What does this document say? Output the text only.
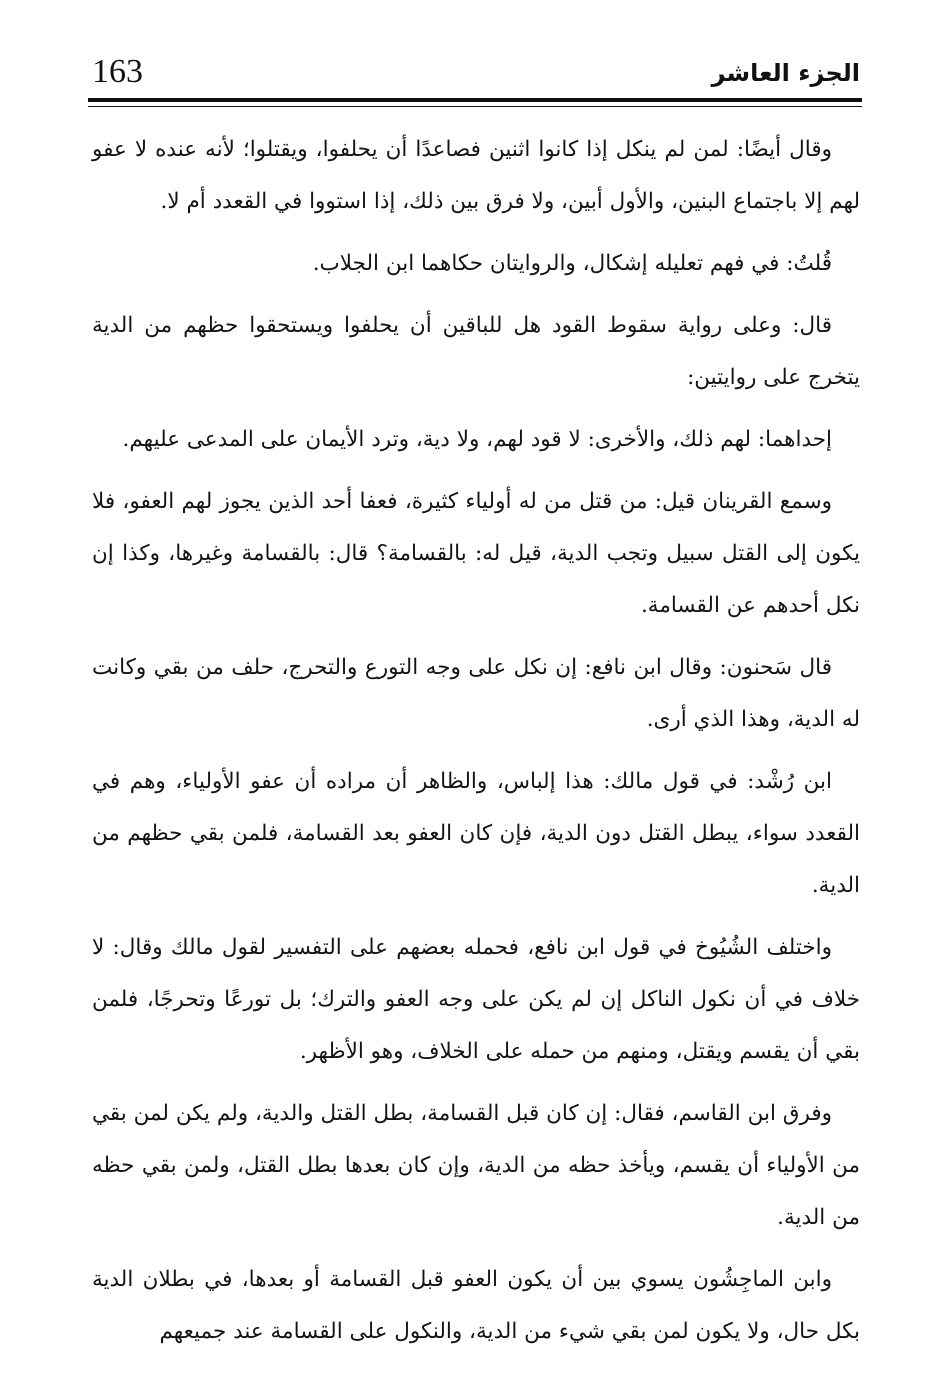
163	الجزء العاشر

وقال أيضًا: لمن لم ينكل إذا كانوا اثنين فصاعدًا أن يحلفوا، ويقتلوا؛ لأنه عنده لا عفو لهم إلا باجتماع البنين، والأول أبين، ولا فرق بين ذلك، إذا استووا في القعدد أم لا.

قُلتُ: في فهم تعليله إشكال، والروايتان حكاهما ابن الجلاب.

قال: وعلى رواية سقوط القود هل للباقين أن يحلفوا ويستحقوا حظهم من الدية يتخرج على روايتين:

إحداهما: لهم ذلك، والأخرى: لا قود لهم، ولا دية، وترد الأيمان على المدعى عليهم.

وسمع القرينان قيل: من قتل من له أولياء كثيرة، فعفا أحد الذين يجوز لهم العفو، فلا يكون إلى القتل سبيل وتجب الدية، قيل له: بالقسامة؟ قال: بالقسامة وغيرها، وكذا إن نكل أحدهم عن القسامة.

قال سَحنون: وقال ابن نافع: إن نكل على وجه التورع والتحرج، حلف من بقي وكانت له الدية، وهذا الذي أرى.

ابن رُشْد: في قول مالك: هذا إلباس، والظاهر أن مراده أن عفو الأولياء، وهم في القعدد سواء، يبطل القتل دون الدية، فإن كان العفو بعد القسامة، فلمن بقي حظهم من الدية.

واختلف الشُيُوخ في قول ابن نافع، فحمله بعضهم على التفسير لقول مالك وقال: لا خلاف في أن نكول الناكل إن لم يكن على وجه العفو والترك؛ بل تورعًا وتحرجًا، فلمن بقي أن يقسم ويقتل، ومنهم من حمله على الخلاف، وهو الأظهر.

وفرق ابن القاسم، فقال: إن كان قبل القسامة، بطل القتل والدية، ولم يكن لمن بقي من الأولياء أن يقسم، ويأخذ حظه من الدية، وإن كان بعدها بطل القتل، ولمن بقي حظه من الدية.

وابن الماجِشُون يسوي بين أن يكون العفو قبل القسامة أو بعدها، في بطلان الدية بكل حال، ولا يكون لمن بقي شيء من الدية، والنكول على القسامة عند جميعهم
